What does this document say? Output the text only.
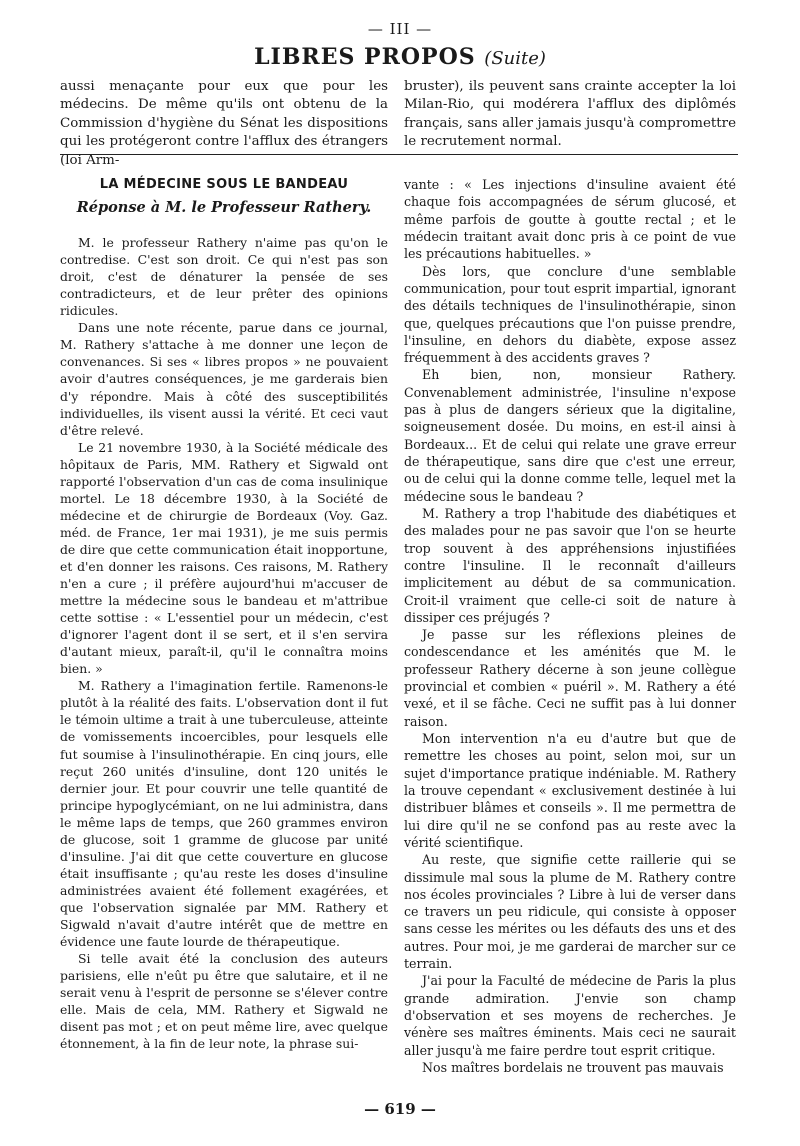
— III —
LIBRES PROPOS (Suite)

aussi menaçante pour eux que pour les médecins. De même qu'ils ont obtenu de la Commission d'hygiène du Sénat les dispositions qui les protégeront contre l'afflux des étrangers (loi Arm-

bruster), ils peuvent sans crainte accepter la loi Milan-Rio, qui modérera l'afflux des diplômés français, sans aller jamais jusqu'à compromettre le recrutement normal.

LA MÉDECINE SOUS LE BANDEAU
Réponse à M. le Professeur Rathery.

M. le professeur Rathery n'aime pas qu'on le contredise. C'est son droit. Ce qui n'est pas son droit, c'est de dénaturer la pensée de ses contradicteurs, et de leur prêter des opinions ridicules.

Dans une note récente, parue dans ce journal, M. Rathery s'attache à me donner une leçon de convenances. Si ses « libres propos » ne pouvaient avoir d'autres conséquences, je me garderais bien d'y répondre. Mais à côté des susceptibilités individuelles, ils visent aussi la vérité. Et ceci vaut d'être relevé.

Le 21 novembre 1930, à la Société médicale des hôpitaux de Paris, MM. Rathery et Sigwald ont rapporté l'observation d'un cas de coma insulinique mortel. Le 18 décembre 1930, à la Société de médecine et de chirurgie de Bordeaux (Voy. Gaz. méd. de France, 1er mai 1931), je me suis permis de dire que cette communication était inopportune, et d'en donner les raisons. Ces raisons, M. Rathery n'en a cure ; il préfère aujourd'hui m'accuser de mettre la médecine sous le bandeau et m'attribue cette sottise : « L'essentiel pour un médecin, c'est d'ignorer l'agent dont il se sert, et il s'en servira d'autant mieux, paraît-il, qu'il le connaîtra moins bien. »

M. Rathery a l'imagination fertile. Ramenons-le plutôt à la réalité des faits. L'observation dont il fut le témoin ultime a trait à une tuberculeuse, atteinte de vomissements incoercibles, pour lesquels elle fut soumise à l'insulinothérapie. En cinq jours, elle reçut 260 unités d'insuline, dont 120 unités le dernier jour. Et pour couvrir une telle quantité de principe hypoglycémiant, on ne lui administra, dans le même laps de temps, que 260 grammes environ de glucose, soit 1 gramme de glucose par unité d'insuline. J'ai dit que cette couverture en glucose était insuffisante ; qu'au reste les doses d'insuline administrées avaient été follement exagérées, et que l'observation signalée par MM. Rathery et Sigwald n'avait d'autre intérêt que de mettre en évidence une faute lourde de thérapeutique.

Si telle avait été la conclusion des auteurs parisiens, elle n'eût pu être que salutaire, et il ne serait venu à l'esprit de personne se s'élever contre elle. Mais de cela, MM. Rathery et Sigwald ne disent pas mot ; et on peut même lire, avec quelque étonnement, à la fin de leur note, la phrase sui-

vante : « Les injections d'insuline avaient été chaque fois accompagnées de sérum glucosé, et même parfois de goutte à goutte rectal ; et le médecin traitant avait donc pris à ce point de vue les précautions habituelles. »

Dès lors, que conclure d'une semblable communication, pour tout esprit impartial, ignorant des détails techniques de l'insulinothérapie, sinon que, quelques précautions que l'on puisse prendre, l'insuline, en dehors du diabète, expose assez fréquemment à des accidents graves ?

Eh bien, non, monsieur Rathery. Convenablement administrée, l'insuline n'expose pas à plus de dangers sérieux que la digitaline, soigneusement dosée. Du moins, en est-il ainsi à Bordeaux... Et de celui qui relate une grave erreur de thérapeutique, sans dire que c'est une erreur, ou de celui qui la donne comme telle, lequel met la médecine sous le bandeau ?

M. Rathery a trop l'habitude des diabétiques et des malades pour ne pas savoir que l'on se heurte trop souvent à des appréhensions injustifiées contre l'insuline. Il le reconnaît d'ailleurs implicitement au début de sa communication. Croit-il vraiment que celle-ci soit de nature à dissiper ces préjugés ?

Je passe sur les réflexions pleines de condescendance et les aménités que M. le professeur Rathery décerne à son jeune collègue provincial et combien « puéril ». M. Rathery a été vexé, et il se fâche. Ceci ne suffit pas à lui donner raison.

Mon intervention n'a eu d'autre but que de remettre les choses au point, selon moi, sur un sujet d'importance pratique indéniable. M. Rathery la trouve cependant « exclusivement destinée à lui distribuer blâmes et conseils ». Il me permettra de lui dire qu'il ne se confond pas au reste avec la vérité scientifique.

Au reste, que signifie cette raillerie qui se dissimule mal sous la plume de M. Rathery contre nos écoles provinciales ? Libre à lui de verser dans ce travers un peu ridicule, qui consiste à opposer sans cesse les mérites ou les défauts des uns et des autres. Pour moi, je me garderai de marcher sur ce terrain.

J'ai pour la Faculté de médecine de Paris la plus grande admiration. J'envie son champ d'observation et ses moyens de recherches. Je vénère ses maîtres éminents. Mais ceci ne saurait aller jusqu'à me faire perdre tout esprit critique.

Nos maîtres bordelais ne trouvent pas mauvais

— 619 —
